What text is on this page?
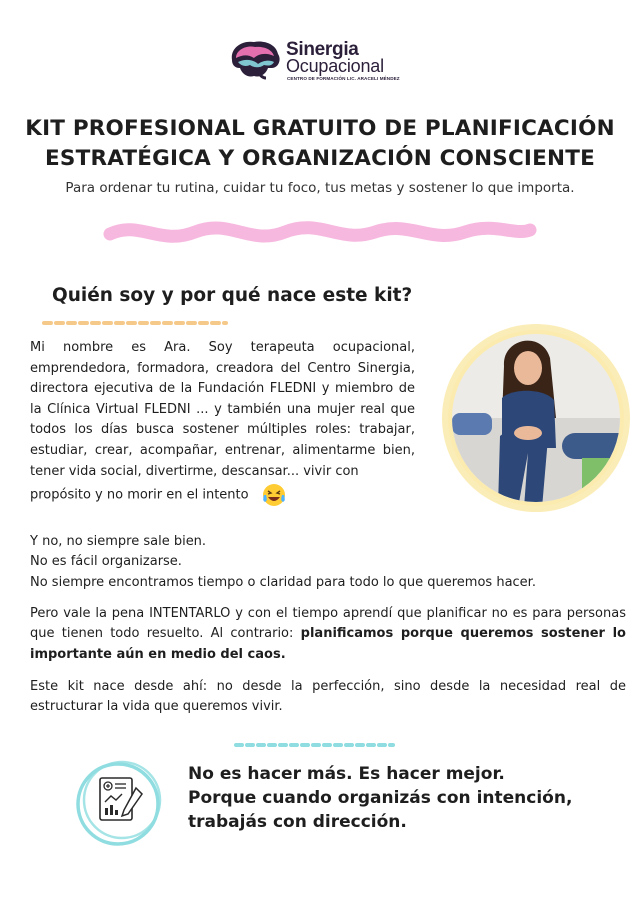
Sinergia
Ocupacional
CENTRO DE FORMACIÓN LIC. ARACELI MÉNDEZ
KIT PROFESIONAL GRATUITO DE PLANIFICACIÓN
ESTRATÉGICA Y ORGANIZACIÓN CONSCIENTE
Para ordenar tu rutina, cuidar tu foco, tus metas y sostener lo que importa.
Quién soy y por qué nace este kit?
Mi nombre es Ara. Soy terapeuta ocupacional, emprendedora, formadora, creadora del Centro Sinergia, directora ejecutiva de la Fundación FLEDNI y miembro de la Clínica Virtual FLEDNI ... y también una mujer real que todos los días busca sostener múltiples roles: trabajar, estudiar, crear, acompañar, entrenar, alimentarme bien, tener vida social, divertirme, descansar... vivir con
propósito y no morir en el intento
Y no, no siempre sale bien.
No es fácil organizarse.
No siempre encontramos tiempo o claridad para todo lo que queremos hacer.
Pero vale la pena INTENTARLO y con el tiempo aprendí que planificar no es para personas que tienen todo resuelto. Al contrario: planificamos porque queremos sostener lo importante aún en medio del caos.
Este kit nace desde ahí: no desde la perfección, sino desde la necesidad real de estructurar la vida que queremos vivir.
No es hacer más. Es hacer mejor.
Porque cuando organizás con intención,
trabajás con dirección.
